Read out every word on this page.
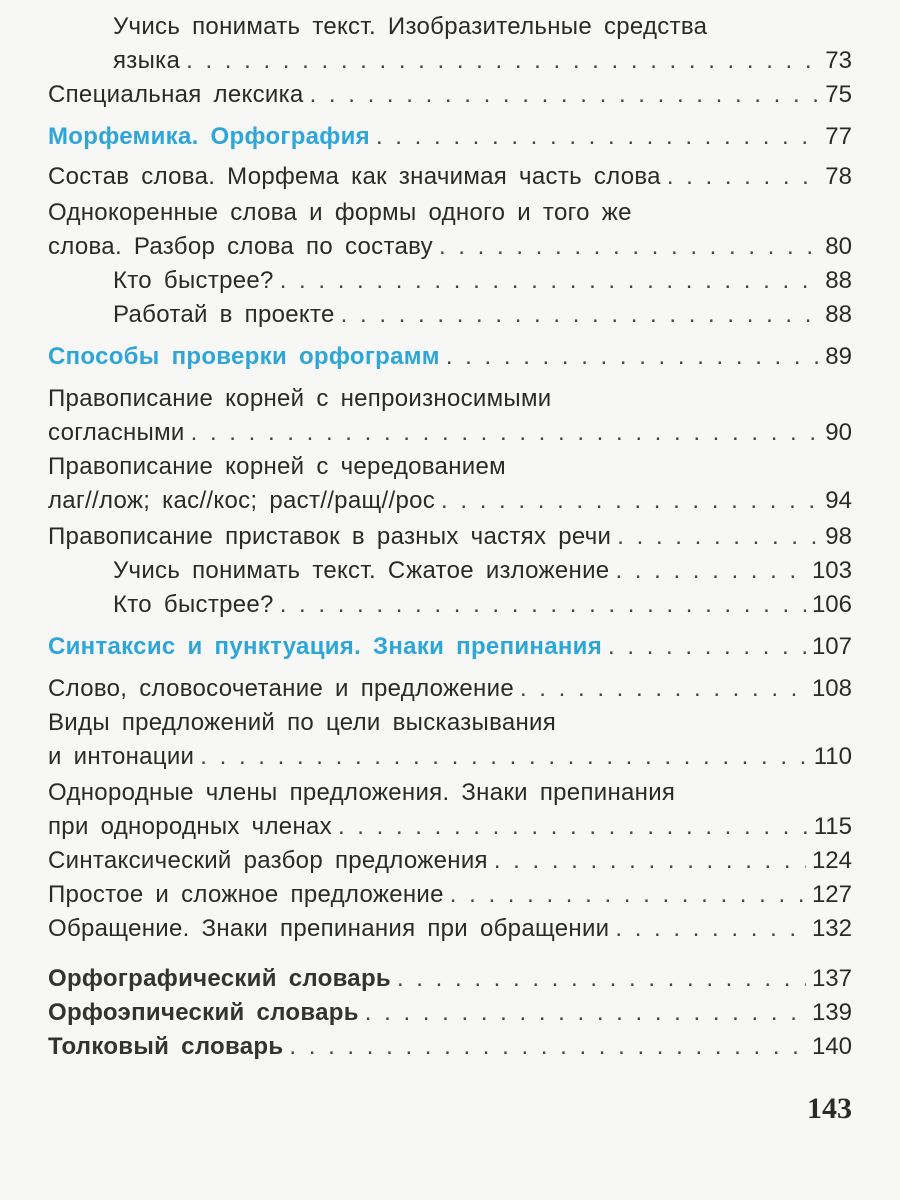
Учись понимать текст. Изобразительные средства
языка . . .	73
Специальная лексика . . .	75
Морфемика. Орфография . . .	77
Состав слова. Морфема как значимая часть слова . . .	78
Однокоренные слова и формы одного и того же
слова. Разбор слова по составу . . .	80
Кто быстрее? . . .	88
Работай в проекте . . .	88
Способы проверки орфограмм . . .	89
Правописание корней с непроизносимыми
согласными . . .	90
Правописание корней с чередованием
лаг//лож; кас//кос; раст//ращ//рос . . .	94
Правописание приставок в разных частях речи . . .	98
Учись понимать текст. Сжатое изложение . . .	103
Кто быстрее? . . .	106
Синтаксис и пунктуация. Знаки препинания . . .	107
Слово, словосочетание и предложение . . .	108
Виды предложений по цели высказывания
и интонации . . .	110
Однородные члены предложения. Знаки препинания
при однородных членах . . .	115
Синтаксический разбор предложения . . .	124
Простое и сложное предложение . . .	127
Обращение. Знаки препинания при обращении . . .	132
Орфографический словарь . . .	137
Орфоэпический словарь . . .	139
Толковый словарь . . .	140
143
